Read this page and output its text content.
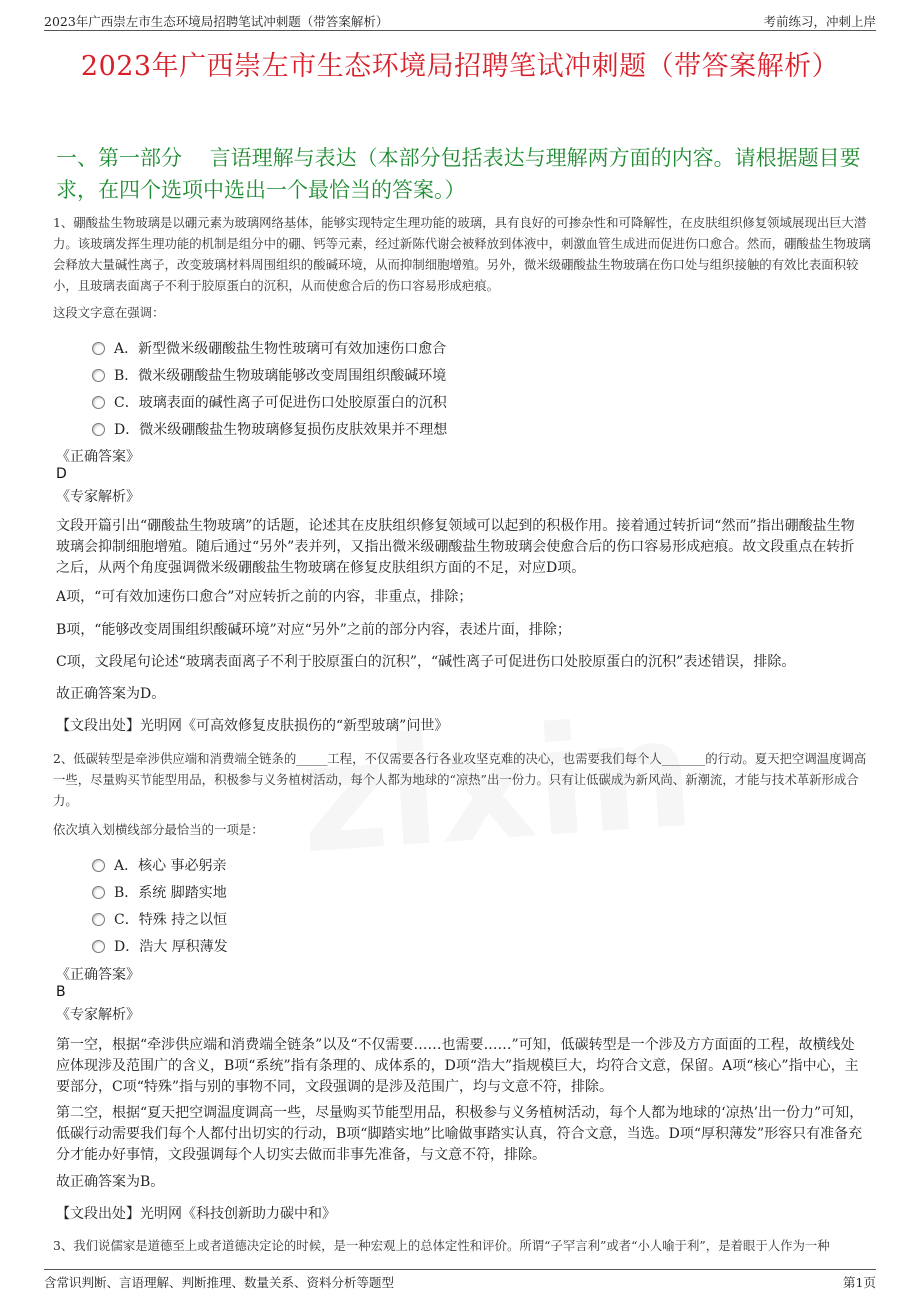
2023年广西崇左市生态环境局招聘笔试冲刺题（带答案解析）	考前练习，冲刺上岸
2023年广西崇左市生态环境局招聘笔试冲刺题（带答案解析）
一、第一部分　 言语理解与表达（本部分包括表达与理解两方面的内容。请根据题目要求，在四个选项中选出一个最恰当的答案。）
1、硼酸盐生物玻璃是以硼元素为玻璃网络基体，能够实现特定生理功能的玻璃，具有良好的可掺杂性和可降解性，在皮肤组织修复领域展现出巨大潜力。该玻璃发挥生理功能的机制是组分中的硼、钙等元素，经过新陈代谢会被释放到体液中，刺激血管生成进而促进伤口愈合。然而，硼酸盐生物玻璃会释放大量碱性离子，改变玻璃材料周围组织的酸碱环境，从而抑制细胞增殖。另外，微米级硼酸盐生物玻璃在伤口处与组织接触的有效比表面积较小，且玻璃表面离子不利于胶原蛋白的沉积，从而使愈合后的伤口容易形成疤痕。
这段文字意在强调：
A．新型微米级硼酸盐生物性玻璃可有效加速伤口愈合
B．微米级硼酸盐生物玻璃能够改变周围组织酸碱环境
C．玻璃表面的碱性离子可促进伤口处胶原蛋白的沉积
D．微米级硼酸盐生物玻璃修复损伤皮肤效果并不理想
《正确答案》
D
《专家解析》
文段开篇引出“硼酸盐生物玻璃”的话题，论述其在皮肤组织修复领域可以起到的积极作用。接着通过转折词“然而”指出硼酸盐生物玻璃会抑制细胞增殖。随后通过“另外”表并列，又指出微米级硼酸盐生物玻璃会使愈合后的伤口容易形成疤痕。故文段重点在转折之后，从两个角度强调微米级硼酸盐生物玻璃在修复皮肤组织方面的不足，对应D项。
A项，“可有效加速伤口愈合”对应转折之前的内容，非重点，排除；
B项，“能够改变周围组织酸碱环境”对应“另外”之前的部分内容，表述片面，排除；
C项，文段尾句论述“玻璃表面离子不利于胶原蛋白的沉积”，“碱性离子可促进伤口处胶原蛋白的沉积”表述错误，排除。
故正确答案为D。
【文段出处】光明网《可高效修复皮肤损伤的“新型玻璃”问世》
2、低碳转型是牵涉供应端和消费端全链条的_____工程，不仅需要各行各业攻坚克难的决心，也需要我们每个人_______的行动。夏天把空调温度调高一些，尽量购买节能型用品，积极参与义务植树活动，每个人都为地球的“凉热”出一份力。只有让低碳成为新风尚、新潮流，才能与技术革新形成合力。
依次填入划横线部分最恰当的一项是：
A．核心 事必躬亲
B．系统 脚踏实地
C．特殊 持之以恒
D．浩大 厚积薄发
《正确答案》
B
《专家解析》
第一空，根据“牵涉供应端和消费端全链条”以及“不仅需要……也需要……”可知，低碳转型是一个涉及方方面面的工程，故横线处应体现涉及范围广的含义，B项“系统”指有条理的、成体系的，D项“浩大”指规模巨大，均符合文意，保留。A项“核心”指中心，主要部分，C项“特殊”指与别的事物不同，文段强调的是涉及范围广，均与文意不符，排除。
第二空，根据“夏天把空调温度调高一些，尽量购买节能型用品，积极参与义务植树活动，每个人都为地球的‘凉热’出一份力”可知，低碳行动需要我们每个人都付出切实的行动，B项“脚踏实地”比喻做事踏实认真，符合文意，当选。D项“厚积薄发”形容只有准备充分才能办好事情，文段强调每个人切实去做而非事先准备，与文意不符，排除。
故正确答案为B。
【文段出处】光明网《科技创新助力碳中和》
3、我们说儒家是道德至上或者道德决定论的时候，是一种宏观上的总体定性和评价。所谓“子罕言利”或者“小人喻于利”，是着眼于人作为一种
含常识判断、言语理解、判断推理、数量关系、资料分析等题型	第1页
